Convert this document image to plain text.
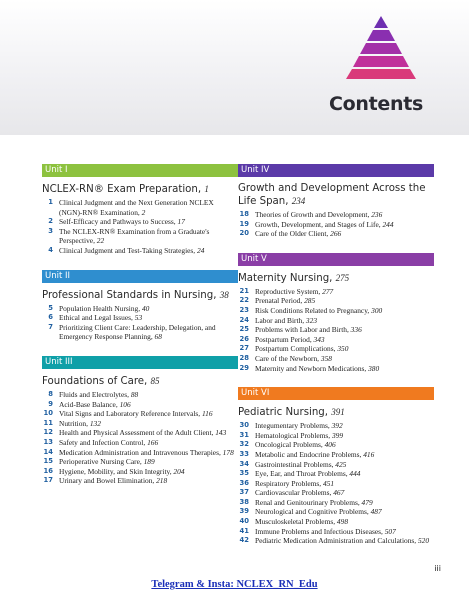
Contents
Unit I
NCLEX-RN® Exam Preparation, 1
1 Clinical Judgment and the Next Generation NCLEX (NGN)-RN® Examination, 2
2 Self-Efficacy and Pathways to Success, 17
3 The NCLEX-RN® Examination from a Graduate's Perspective, 22
4 Clinical Judgment and Test-Taking Strategies, 24
Unit II
Professional Standards in Nursing, 38
5 Population Health Nursing, 40
6 Ethical and Legal Issues, 53
7 Prioritizing Client Care: Leadership, Delegation, and Emergency Response Planning, 68
Unit III
Foundations of Care, 85
8 Fluids and Electrolytes, 88
9 Acid-Base Balance, 106
10 Vital Signs and Laboratory Reference Intervals, 116
11 Nutrition, 132
12 Health and Physical Assessment of the Adult Client, 143
13 Safety and Infection Control, 166
14 Medication Administration and Intravenous Therapies, 178
15 Perioperative Nursing Care, 189
16 Hygiene, Mobility, and Skin Integrity, 204
17 Urinary and Bowel Elimination, 218
Unit IV
Growth and Development Across the Life Span, 234
18 Theories of Growth and Development, 236
19 Growth, Development, and Stages of Life, 244
20 Care of the Older Client, 266
Unit V
Maternity Nursing, 275
21 Reproductive System, 277
22 Prenatal Period, 285
23 Risk Conditions Related to Pregnancy, 300
24 Labor and Birth, 323
25 Problems with Labor and Birth, 336
26 Postpartum Period, 343
27 Postpartum Complications, 350
28 Care of the Newborn, 358
29 Maternity and Newborn Medications, 380
Unit VI
Pediatric Nursing, 391
30 Integumentary Problems, 392
31 Hematological Problems, 399
32 Oncological Problems, 406
33 Metabolic and Endocrine Problems, 416
34 Gastrointestinal Problems, 425
35 Eye, Ear, and Throat Problems, 444
36 Respiratory Problems, 451
37 Cardiovascular Problems, 467
38 Renal and Genitourinary Problems, 479
39 Neurological and Cognitive Problems, 487
40 Musculoskeletal Problems, 498
41 Immune Problems and Infectious Diseases, 507
42 Pediatric Medication Administration and Calculations, 520
iii
Telegram & Insta: NCLEX_RN_Edu
